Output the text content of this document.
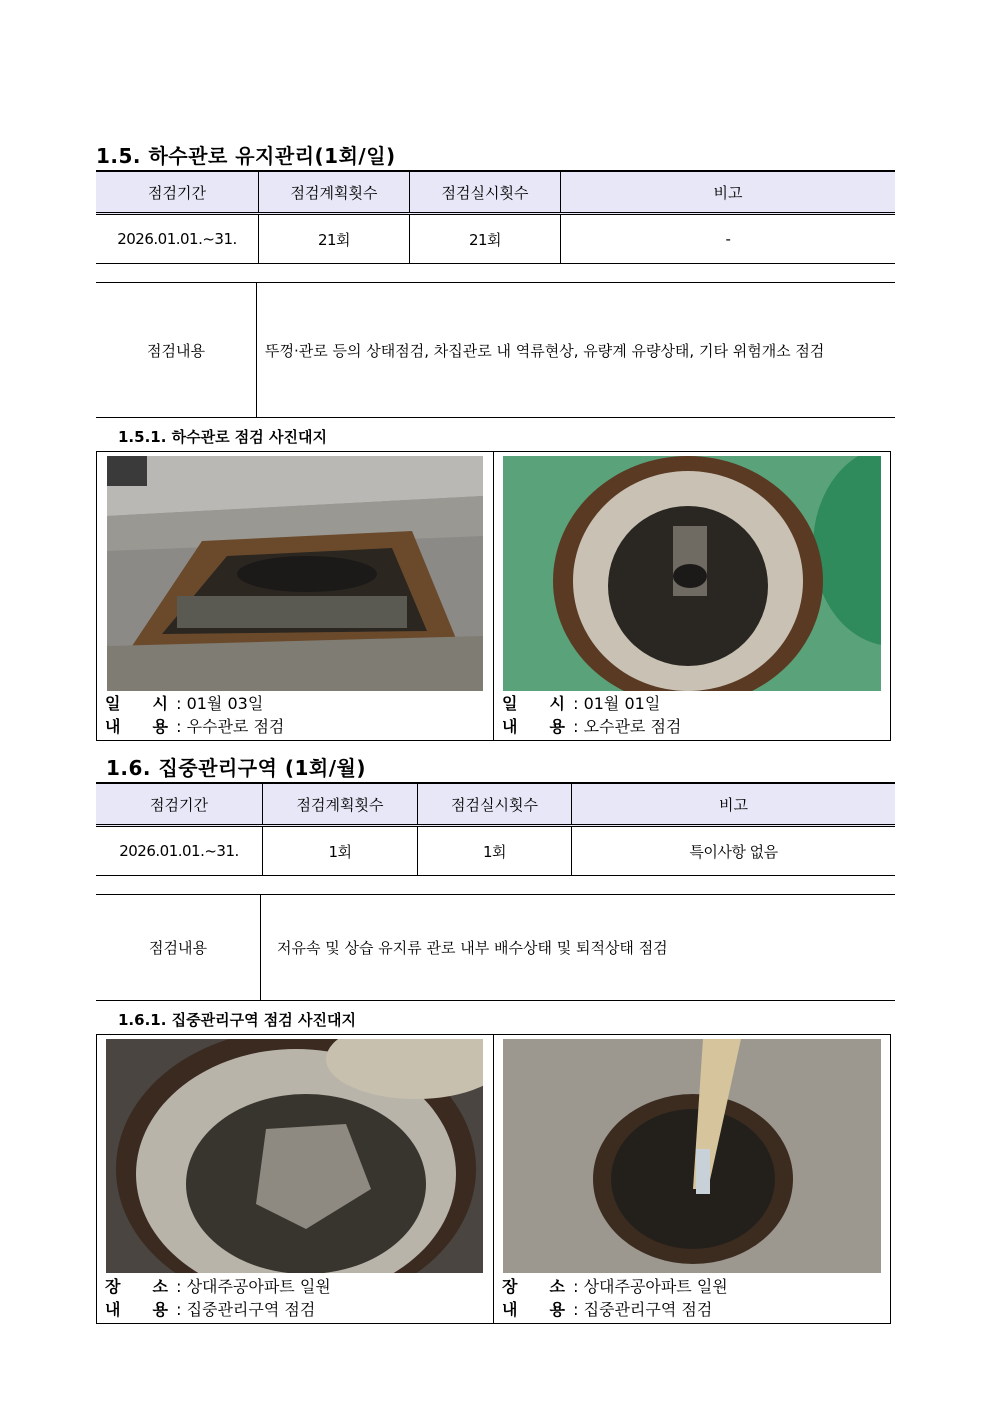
1.5. 하수관로 유지관리(1회/일)
점검기간	점검계획횟수	점검실시횟수	비고
2026.01.01.~31.	21회	21회	-
점검내용	뚜껑·관로 등의 상태점검, 차집관로 내 역류현상, 유량계 유량상태, 기타 위험개소 점검
1.5.1. 하수관로 점검 사진대지
일　　시 : 01월 03일
내　　용 : 우수관로 점검
일　　시 : 01월 01일
내　　용 : 오수관로 점검
1.6. 집중관리구역 (1회/월)
점검기간	점검계획횟수	점검실시횟수	비고
2026.01.01.~31.	1회	1회	특이사항 없음
점검내용	저유속 및 상습 유지류 관로 내부 배수상태 및 퇴적상태 점검
1.6.1. 집중관리구역 점검 사진대지
장　　소 : 상대주공아파트 일원
내　　용 : 집중관리구역 점검
장　　소 : 상대주공아파트 일원
내　　용 : 집중관리구역 점검
